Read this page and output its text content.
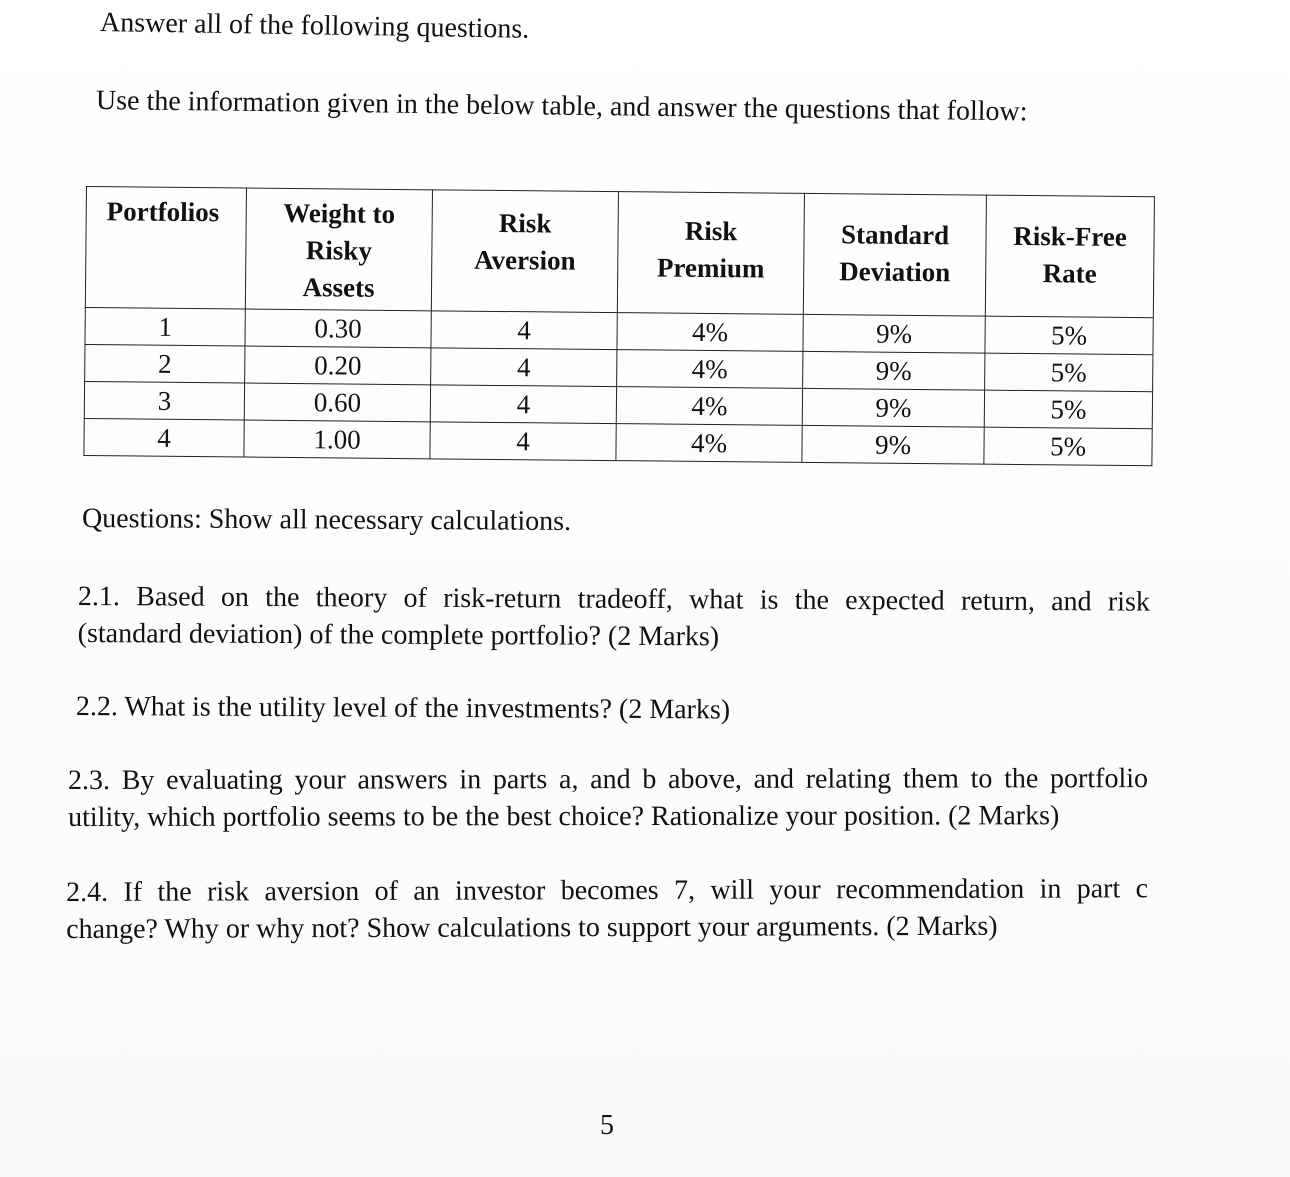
Answer all of the following questions.
Use the information given in the below table, and answer the questions that follow:
Portfolios	Weight to Risky Assets	Risk Aversion	Risk Premium	Standard Deviation	Risk-Free Rate

1	0.30	4	4%	9%	5%
2	0.20	4	4%	9%	5%
3	0.60	4	4%	9%	5%
4	1.00	4	4%	9%	5%
Questions: Show all necessary calculations.
2.1. Based on the theory of risk-return tradeoff, what is the expected return, and risk
(standard deviation) of the complete portfolio? (2 Marks)
2.2. What is the utility level of the investments? (2 Marks)
2.3. By evaluating your answers in parts a, and b above, and relating them to the portfolio
utility, which portfolio seems to be the best choice? Rationalize your position. (2 Marks)
2.4. If the risk aversion of an investor becomes 7, will your recommendation in part c
change? Why or why not? Show calculations to support your arguments. (2 Marks)
5
